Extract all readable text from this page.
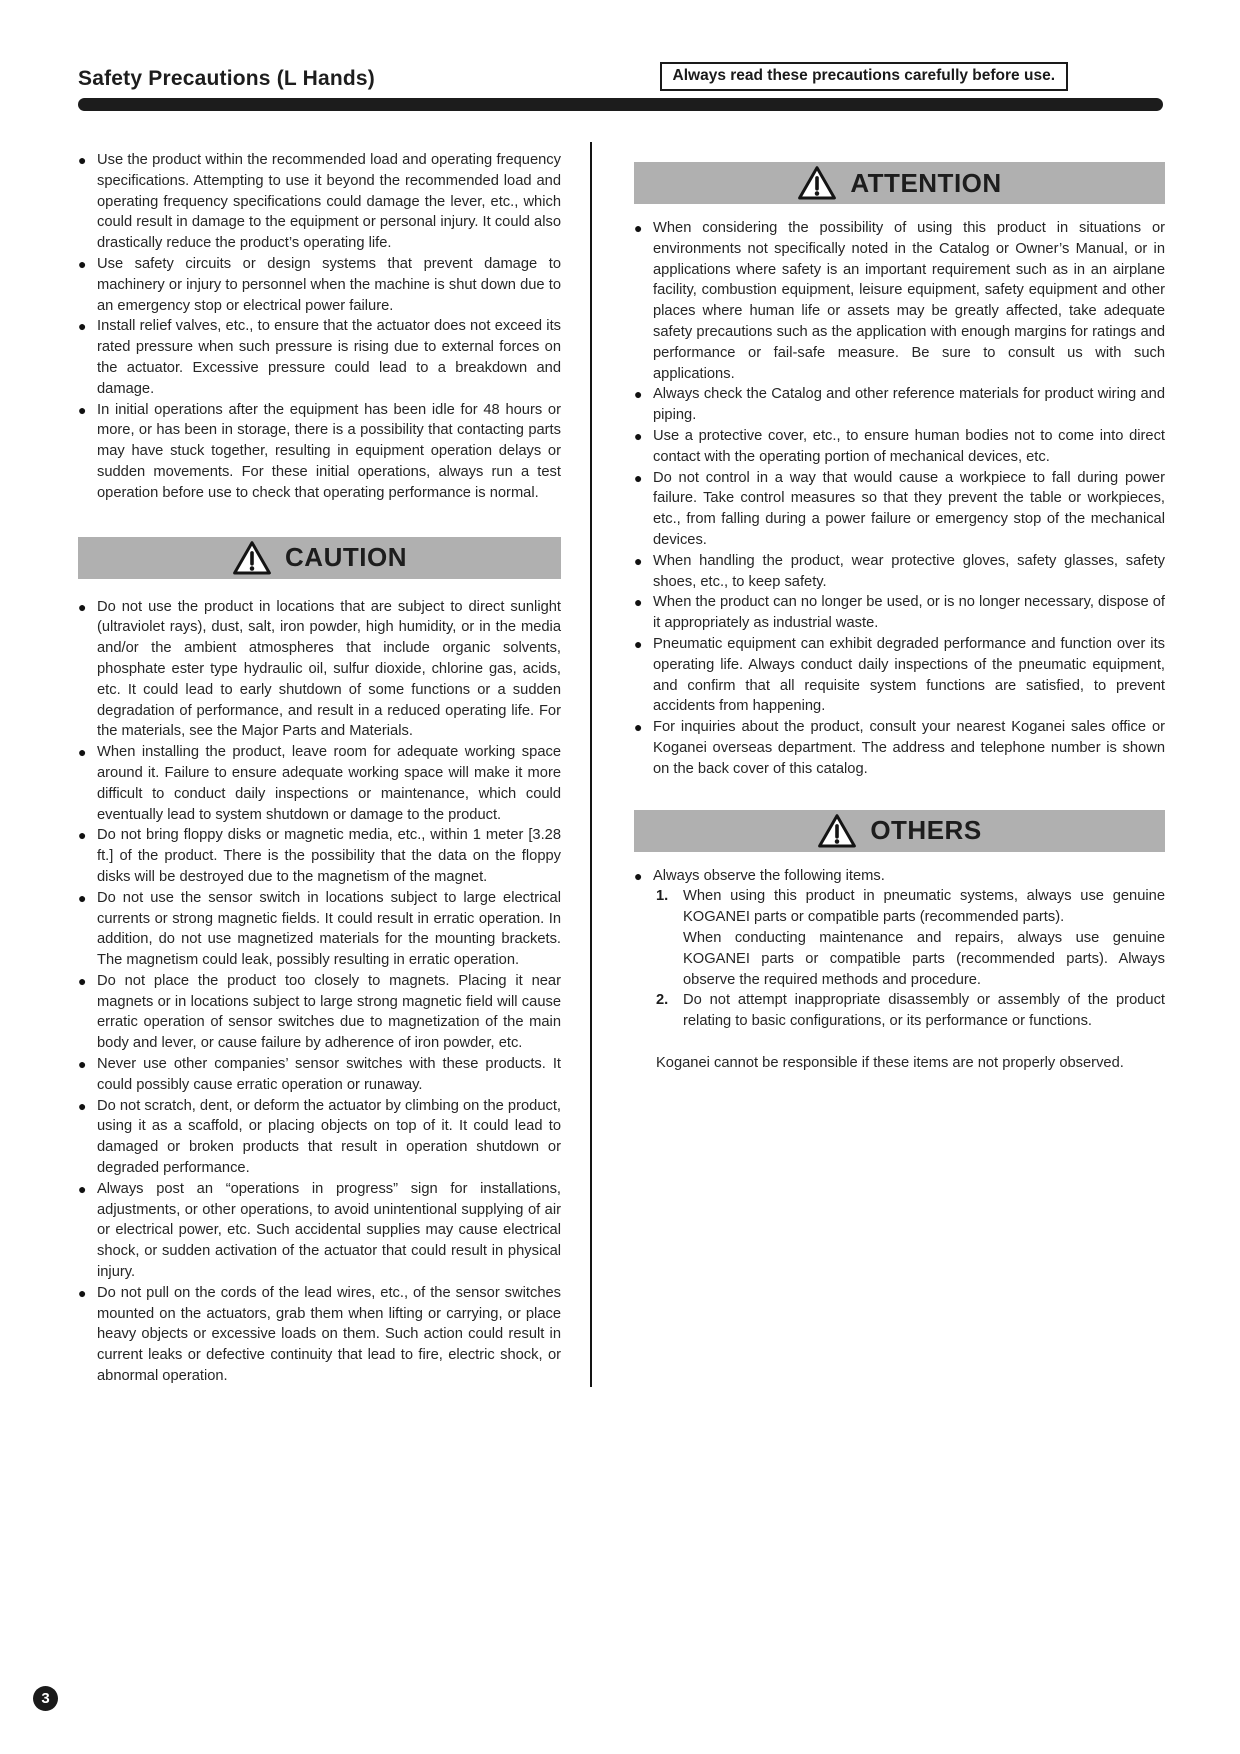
Safety Precautions (L Hands)	Always read these precautions carefully before use.
● Use the product within the recommended load and operating frequency specifications. Attempting to use it beyond the recommended load and operating frequency specifications could damage the lever, etc., which could result in damage to the equipment or personal injury. It could also drastically reduce the product’s operating life.
● Use safety circuits or design systems that prevent damage to machinery or injury to personnel when the machine is shut down due to an emergency stop or electrical power failure.
● Install relief valves, etc., to ensure that the actuator does not exceed its rated pressure when such pressure is rising due to external forces on the actuator. Excessive pressure could lead to a breakdown and damage.
● In initial operations after the equipment has been idle for 48 hours or more, or has been in storage, there is a possibility that contacting parts may have stuck together, resulting in equipment operation delays or sudden movements. For these initial operations, always run a test operation before use to check that operating performance is normal.
CAUTION
● Do not use the product in locations that are subject to direct sunlight (ultraviolet rays), dust, salt, iron powder, high humidity, or in the media and/or the ambient atmospheres that include organic solvents, phosphate ester type hydraulic oil, sulfur dioxide, chlorine gas, acids, etc. It could lead to early shutdown of some functions or a sudden degradation of performance, and result in a reduced operating life. For the materials, see the Major Parts and Materials.
● When installing the product, leave room for adequate working space around it. Failure to ensure adequate working space will make it more difficult to conduct daily inspections or maintenance, which could eventually lead to system shutdown or damage to the product.
● Do not bring floppy disks or magnetic media, etc., within 1 meter [3.28 ft.] of the product. There is the possibility that the data on the floppy disks will be destroyed due to the magnetism of the magnet.
● Do not use the sensor switch in locations subject to large electrical currents or strong magnetic fields. It could result in erratic operation. In addition, do not use magnetized materials for the mounting brackets. The magnetism could leak, possibly resulting in erratic operation.
● Do not place the product too closely to magnets. Placing it near magnets or in locations subject to large strong magnetic field will cause erratic operation of sensor switches due to magnetization of the main body and lever, or cause failure by adherence of iron powder, etc.
● Never use other companies’ sensor switches with these products. It could possibly cause erratic operation or runaway.
● Do not scratch, dent, or deform the actuator by climbing on the product, using it as a scaffold, or placing objects on top of it. It could lead to damaged or broken products that result in operation shutdown or degraded performance.
● Always post an “operations in progress” sign for installations, adjustments, or other operations, to avoid unintentional supplying of air or electrical power, etc. Such accidental supplies may cause electrical shock, or sudden activation of the actuator that could result in physical injury.
● Do not pull on the cords of the lead wires, etc., of the sensor switches mounted on the actuators, grab them when lifting or carrying, or place heavy objects or excessive loads on them. Such action could result in current leaks or defective continuity that lead to fire, electric shock, or abnormal operation.
ATTENTION
● When considering the possibility of using this product in situations or environments not specifically noted in the Catalog or Owner’s Manual, or in applications where safety is an important requirement such as in an airplane facility, combustion equipment, leisure equipment, safety equipment and other places where human life or assets may be greatly affected, take adequate safety precautions such as the application with enough margins for ratings and performance or fail-safe measure. Be sure to consult us with such applications.
● Always check the Catalog and other reference materials for product wiring and piping.
● Use a protective cover, etc., to ensure human bodies not to come into direct contact with the operating portion of mechanical devices, etc.
● Do not control in a way that would cause a workpiece to fall during power failure. Take control measures so that they prevent the table or workpieces, etc., from falling during a power failure or emergency stop of the mechanical devices.
● When handling the product, wear protective gloves, safety glasses, safety shoes, etc., to keep safety.
● When the product can no longer be used, or is no longer necessary, dispose of it appropriately as industrial waste.
● Pneumatic equipment can exhibit degraded performance and function over its operating life. Always conduct daily inspections of the pneumatic equipment, and confirm that all requisite system functions are satisfied, to prevent accidents from happening.
● For inquiries about the product, consult your nearest Koganei sales office or Koganei overseas department. The address and telephone number is shown on the back cover of this catalog.
OTHERS
● Always observe the following items.
1.	When using this product in pneumatic systems, always use genuine KOGANEI parts or compatible parts (recommended parts).

When conducting maintenance and repairs, always use genuine KOGANEI parts or compatible parts (recommended parts). Always observe the required methods and procedure.

2.	Do not attempt inappropriate disassembly or assembly of the product relating to basic configurations, or its performance or functions.

Koganei cannot be responsible if these items are not properly observed.

3
